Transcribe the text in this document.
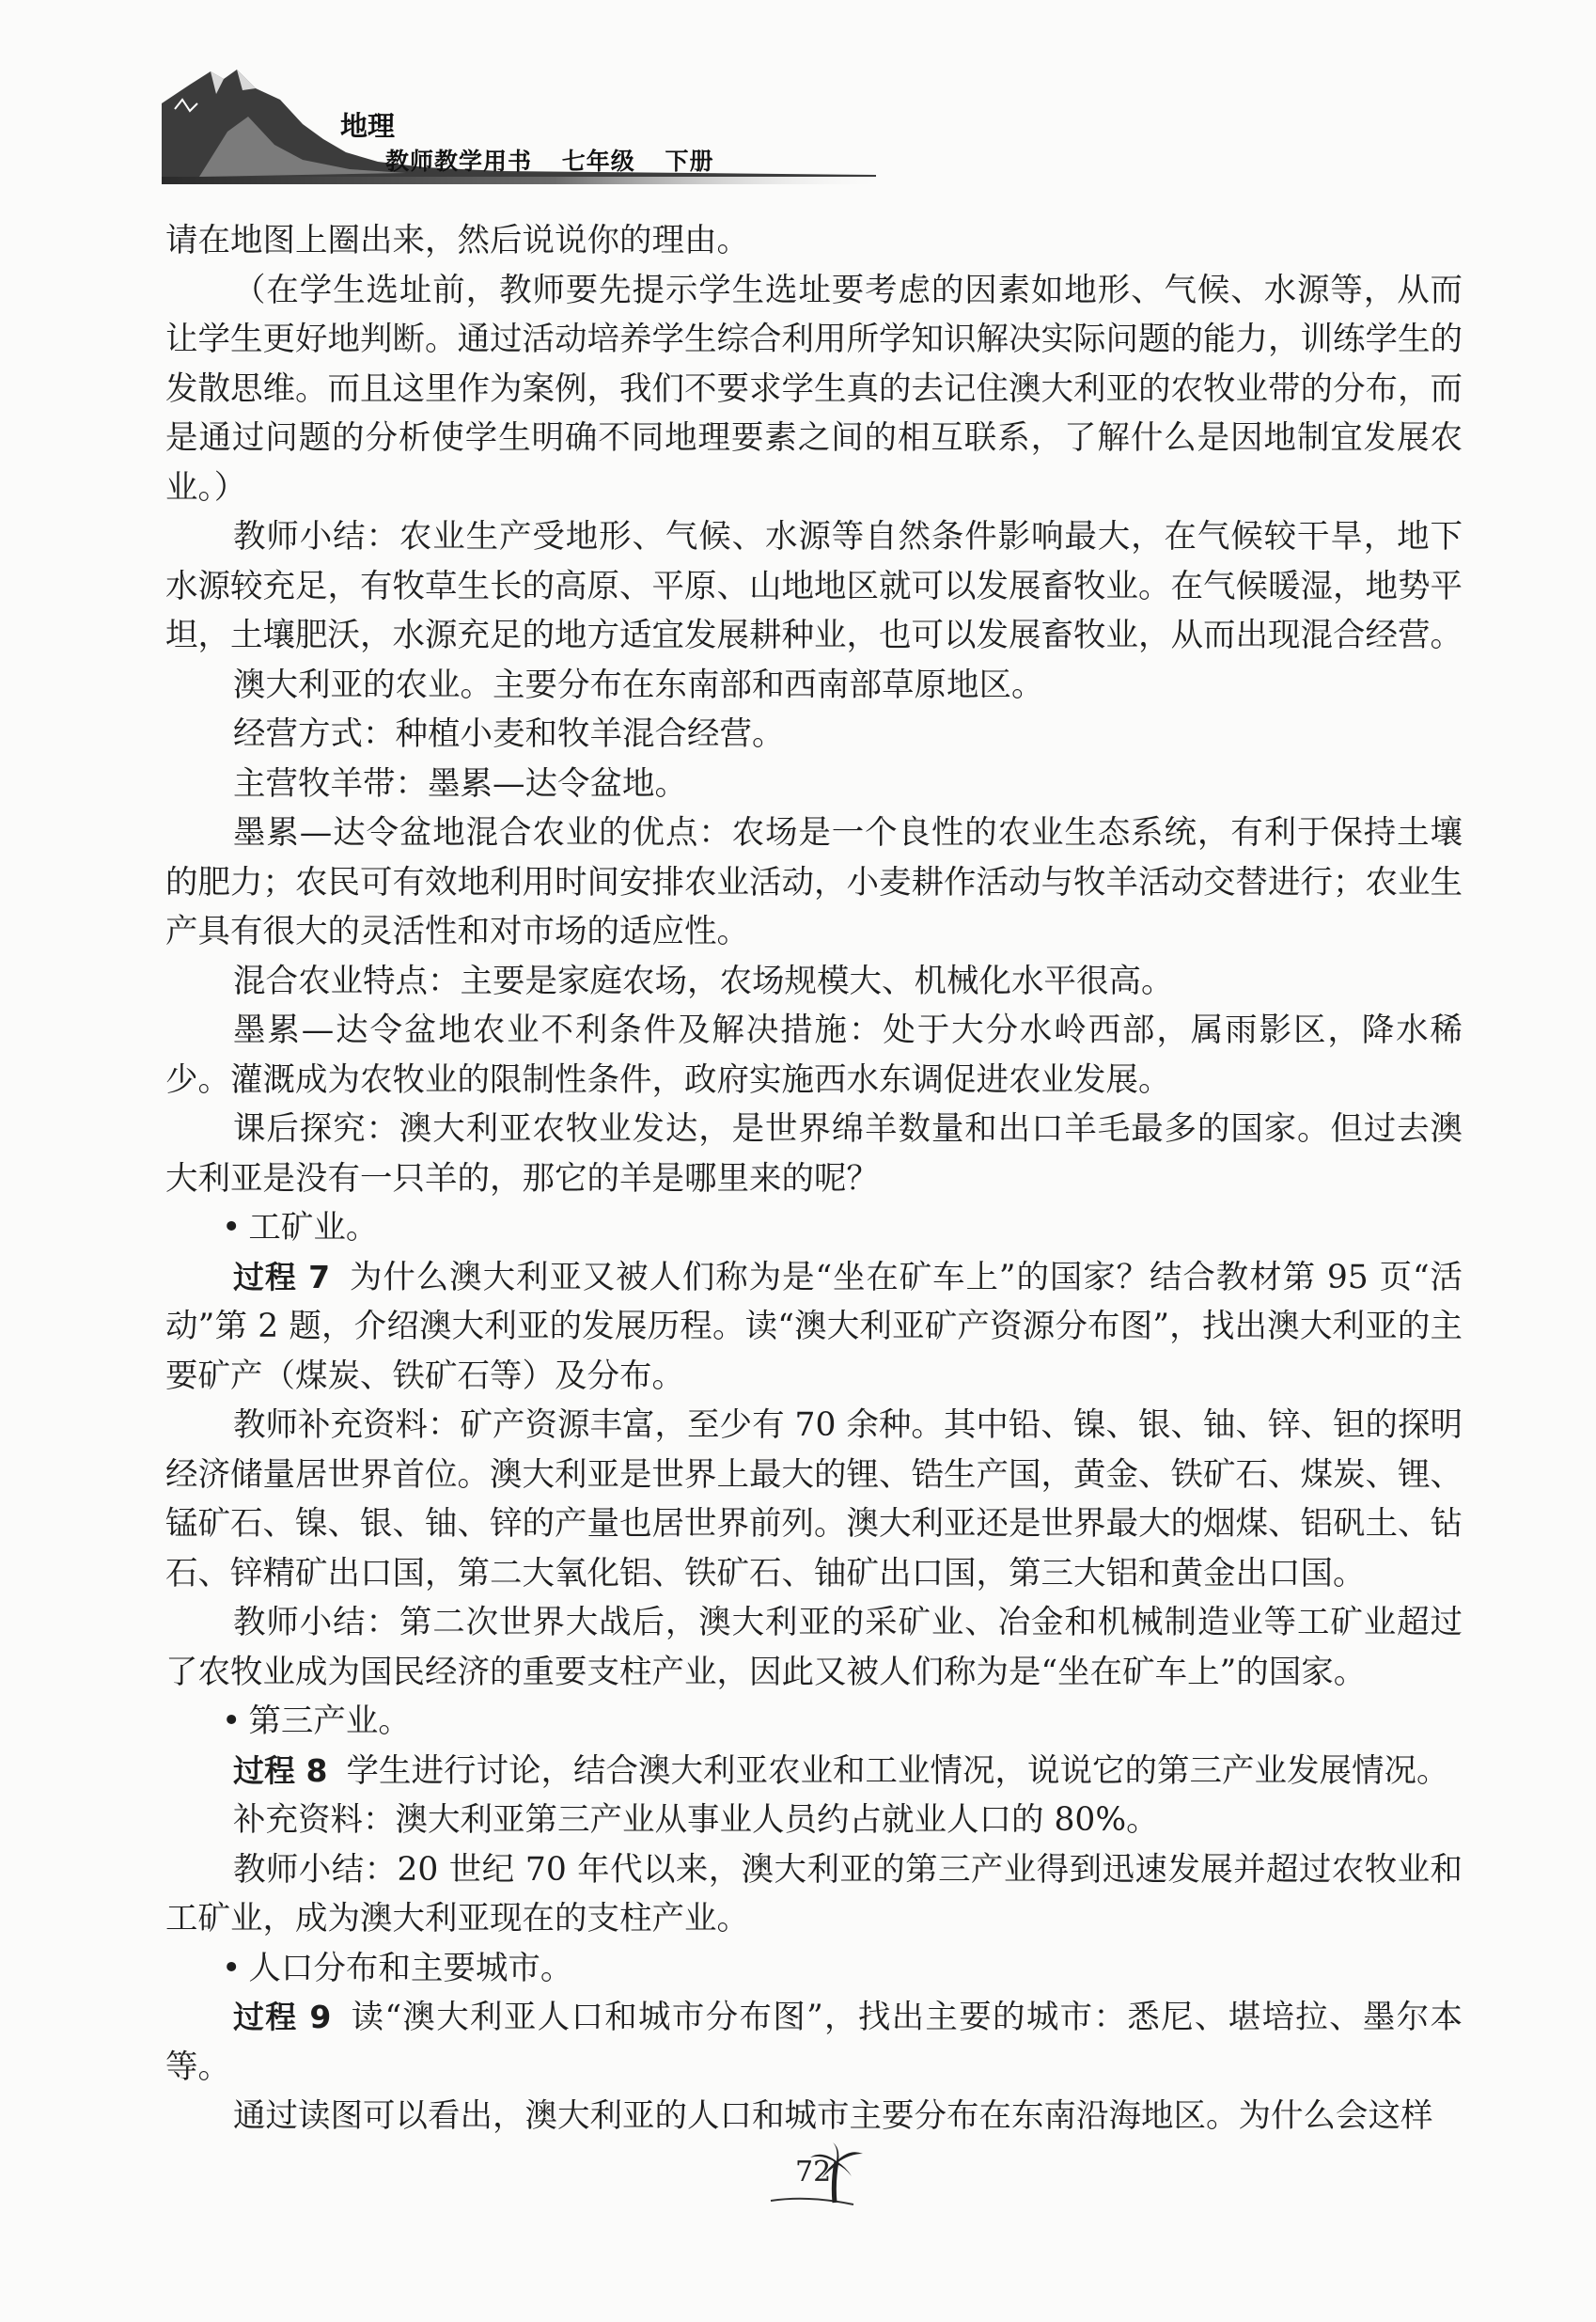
地理
教师教学用书 七年级 下册

请在地图上圈出来，然后说说你的理由。

（在学生选址前，教师要先提示学生选址要考虑的因素如地形、气候、水源等，从而让学生更好地判断。通过活动培养学生综合利用所学知识解决实际问题的能力，训练学生的发散思维。而且这里作为案例，我们不要求学生真的去记住澳大利亚的农牧业带的分布，而是通过问题的分析使学生明确不同地理要素之间的相互联系，了解什么是因地制宜发展农业。）

教师小结：农业生产受地形、气候、水源等自然条件影响最大，在气候较干旱，地下水源较充足，有牧草生长的高原、平原、山地地区就可以发展畜牧业。在气候暖湿，地势平坦，土壤肥沃，水源充足的地方适宜发展耕种业，也可以发展畜牧业，从而出现混合经营。

澳大利亚的农业。主要分布在东南部和西南部草原地区。

经营方式：种植小麦和牧羊混合经营。

主营牧羊带：墨累—达令盆地。

墨累—达令盆地混合农业的优点：农场是一个良性的农业生态系统，有利于保持土壤的肥力；农民可有效地利用时间安排农业活动，小麦耕作活动与牧羊活动交替进行；农业生产具有很大的灵活性和对市场的适应性。

混合农业特点：主要是家庭农场，农场规模大、机械化水平很高。

墨累—达令盆地农业不利条件及解决措施：处于大分水岭西部，属雨影区，降水稀少。灌溉成为农牧业的限制性条件，政府实施西水东调促进农业发展。

课后探究：澳大利亚农牧业发达，是世界绵羊数量和出口羊毛最多的国家。但过去澳大利亚是没有一只羊的，那它的羊是哪里来的呢？

• 工矿业。

过程 7 为什么澳大利亚又被人们称为是“坐在矿车上”的国家？结合教材第 95 页“活动”第 2 题，介绍澳大利亚的发展历程。读“澳大利亚矿产资源分布图”，找出澳大利亚的主要矿产（煤炭、铁矿石等）及分布。

教师补充资料：矿产资源丰富，至少有 70 余种。其中铅、镍、银、铀、锌、钽的探明经济储量居世界首位。澳大利亚是世界上最大的锂、锆生产国，黄金、铁矿石、煤炭、锂、锰矿石、镍、银、铀、锌的产量也居世界前列。澳大利亚还是世界最大的烟煤、铝矾土、钻石、锌精矿出口国，第二大氧化铝、铁矿石、铀矿出口国，第三大铝和黄金出口国。

教师小结：第二次世界大战后，澳大利亚的采矿业、冶金和机械制造业等工矿业超过了农牧业成为国民经济的重要支柱产业，因此又被人们称为是“坐在矿车上”的国家。

• 第三产业。

过程 8 学生进行讨论，结合澳大利亚农业和工业情况，说说它的第三产业发展情况。

补充资料：澳大利亚第三产业从事业人员约占就业人口的 80%。

教师小结：20 世纪 70 年代以来，澳大利亚的第三产业得到迅速发展并超过农牧业和工矿业，成为澳大利亚现在的支柱产业。

• 人口分布和主要城市。

过程 9 读“澳大利亚人口和城市分布图”，找出主要的城市：悉尼、堪培拉、墨尔本等。

通过读图可以看出，澳大利亚的人口和城市主要分布在东南沿海地区。为什么会这样

72
